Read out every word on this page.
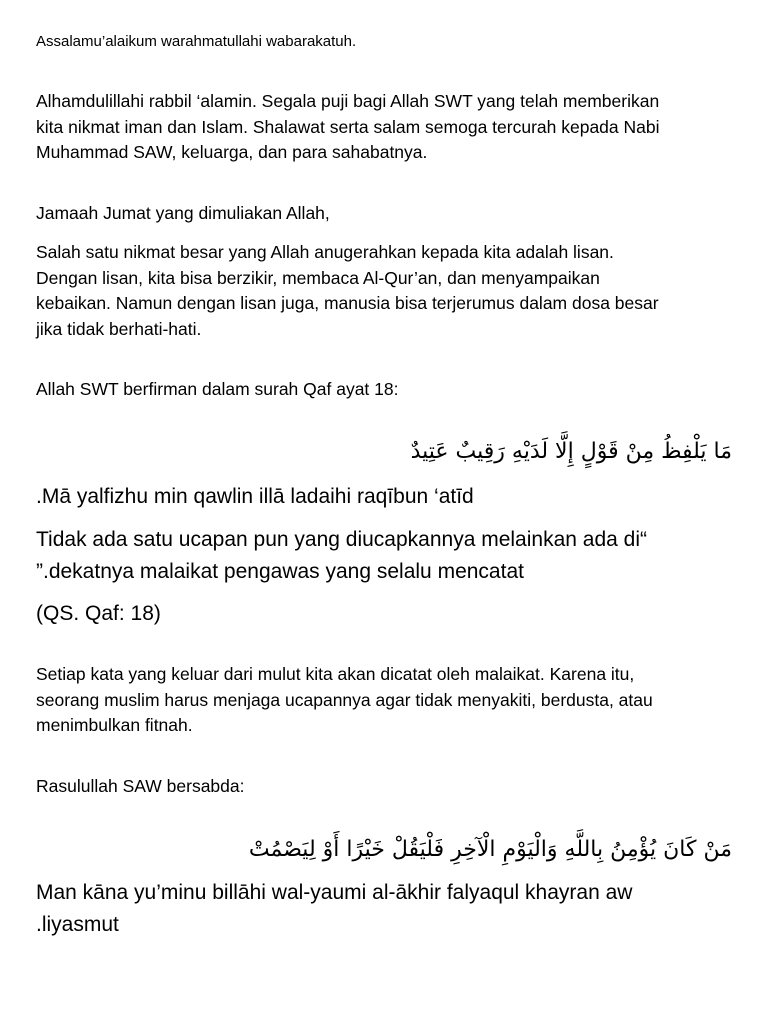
Assalamu’alaikum warahmatullahi wabarakatuh.

Alhamdulillahi rabbil ‘alamin. Segala puji bagi Allah SWT yang telah memberikan
kita nikmat iman dan Islam. Shalawat serta salam semoga tercurah kepada Nabi
Muhammad SAW, keluarga, dan para sahabatnya.

Jamaah Jumat yang dimuliakan Allah,

Salah satu nikmat besar yang Allah anugerahkan kepada kita adalah lisan.
Dengan lisan, kita bisa berzikir, membaca Al-Qur’an, dan menyampaikan
kebaikan. Namun dengan lisan juga, manusia bisa terjerumus dalam dosa besar
jika tidak berhati-hati.

Allah SWT berfirman dalam surah Qaf ayat 18:

مَا يَلْفِظُ مِنْ قَوْلٍ إِلَّا لَدَيْهِ رَقِيبٌ عَتِيدٌ

.Mā yalfizhu min qawlin illā ladaihi raqībun ‘atīd

Tidak ada satu ucapan pun yang diucapkannya melainkan ada di“
”.dekatnya malaikat pengawas yang selalu mencatat

(QS. Qaf: 18)

Setiap kata yang keluar dari mulut kita akan dicatat oleh malaikat. Karena itu,
seorang muslim harus menjaga ucapannya agar tidak menyakiti, berdusta, atau
menimbulkan fitnah.

Rasulullah SAW bersabda:

مَنْ كَانَ يُؤْمِنُ بِاللَّهِ وَالْيَوْمِ الْآخِرِ فَلْيَقُلْ خَيْرًا أَوْ لِيَصْمُتْ

Man kāna yu’minu billāhi wal-yaumi al-ākhir falyaqul khayran aw
.liyasmut
